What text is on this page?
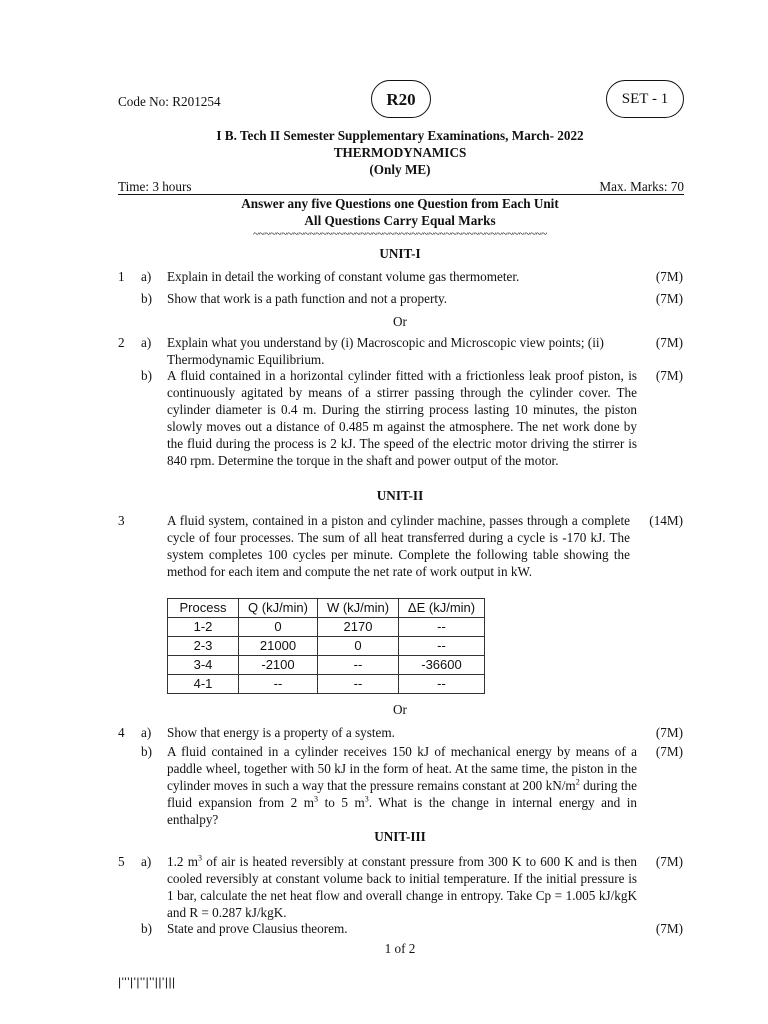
Code No: R201254	R20	SET - 1
I B. Tech II Semester Supplementary Examinations, March- 2022
THERMODYNAMICS
(Only ME)
Time: 3 hours	Max. Marks: 70
Answer any five Questions one Question from Each Unit
All Questions Carry Equal Marks
~~~~~~~~~~~~~~~~~~~~~~~~~~~~~~~~~~~~~~~~~~~~~~~~~~~~
UNIT-I
1 a) Explain in detail the working of constant volume gas thermometer.	(7M)
b) Show that work is a path function and not a property.	(7M)
Or
2 a) Explain what you understand by (i) Macroscopic and Microscopic view points; (ii) Thermodynamic Equilibrium.
(7M)
b) A fluid contained in a horizontal cylinder fitted with a frictionless leak proof piston, is continuously agitated by means of a stirrer passing through the cylinder cover. The cylinder diameter is 0.4 m. During the stirring process lasting 10 minutes, the piston slowly moves out a distance of 0.485 m against the atmosphere. The net work done by the fluid during the process is 2 kJ. The speed of the electric motor driving the stirrer is 840 rpm. Determine the torque in the shaft and power output of the motor.
(7M)
UNIT-II
3	A fluid system, contained in a piston and cylinder machine, passes through a complete cycle of four processes. The sum of all heat transferred during a cycle is -170 kJ. The system completes 100 cycles per minute. Complete the following table showing the method for each item and compute the net rate of work output in kW.
(14M)
Process	Q (kJ/min)	W (kJ/min)	ΔE (kJ/min)
1-2	0	2170	--
2-3	21000	0	--
3-4	-2100	--	-36600
4-1	--	--	--
Or
4 a) Show that energy is a property of a system.	(7M)
b) A fluid contained in a cylinder receives 150 kJ of mechanical energy by means of a paddle wheel, together with 50 kJ in the form of heat. At the same time, the piston in the cylinder moves in such a way that the pressure remains constant at 200 $kN/m^2$ during the fluid expansion from 2 $m^3$ to 5 $m^3$. What is the change in internal energy and in enthalpy?
(7M)
UNIT-III
5 a) 1.2 $m^3$ of air is heated reversibly at constant pressure from 300 K to 600 K and is then cooled reversibly at constant volume back to initial temperature. If the initial pressure is 1 bar, calculate the net heat flow and overall change in entropy. Take Cp = 1.005 kJ/kgK and R = 0.287 kJ/kgK.
(7M)
b) State and prove Clausius theorem.	(7M)
1 of 2
|'''|'|''|''||'|||
